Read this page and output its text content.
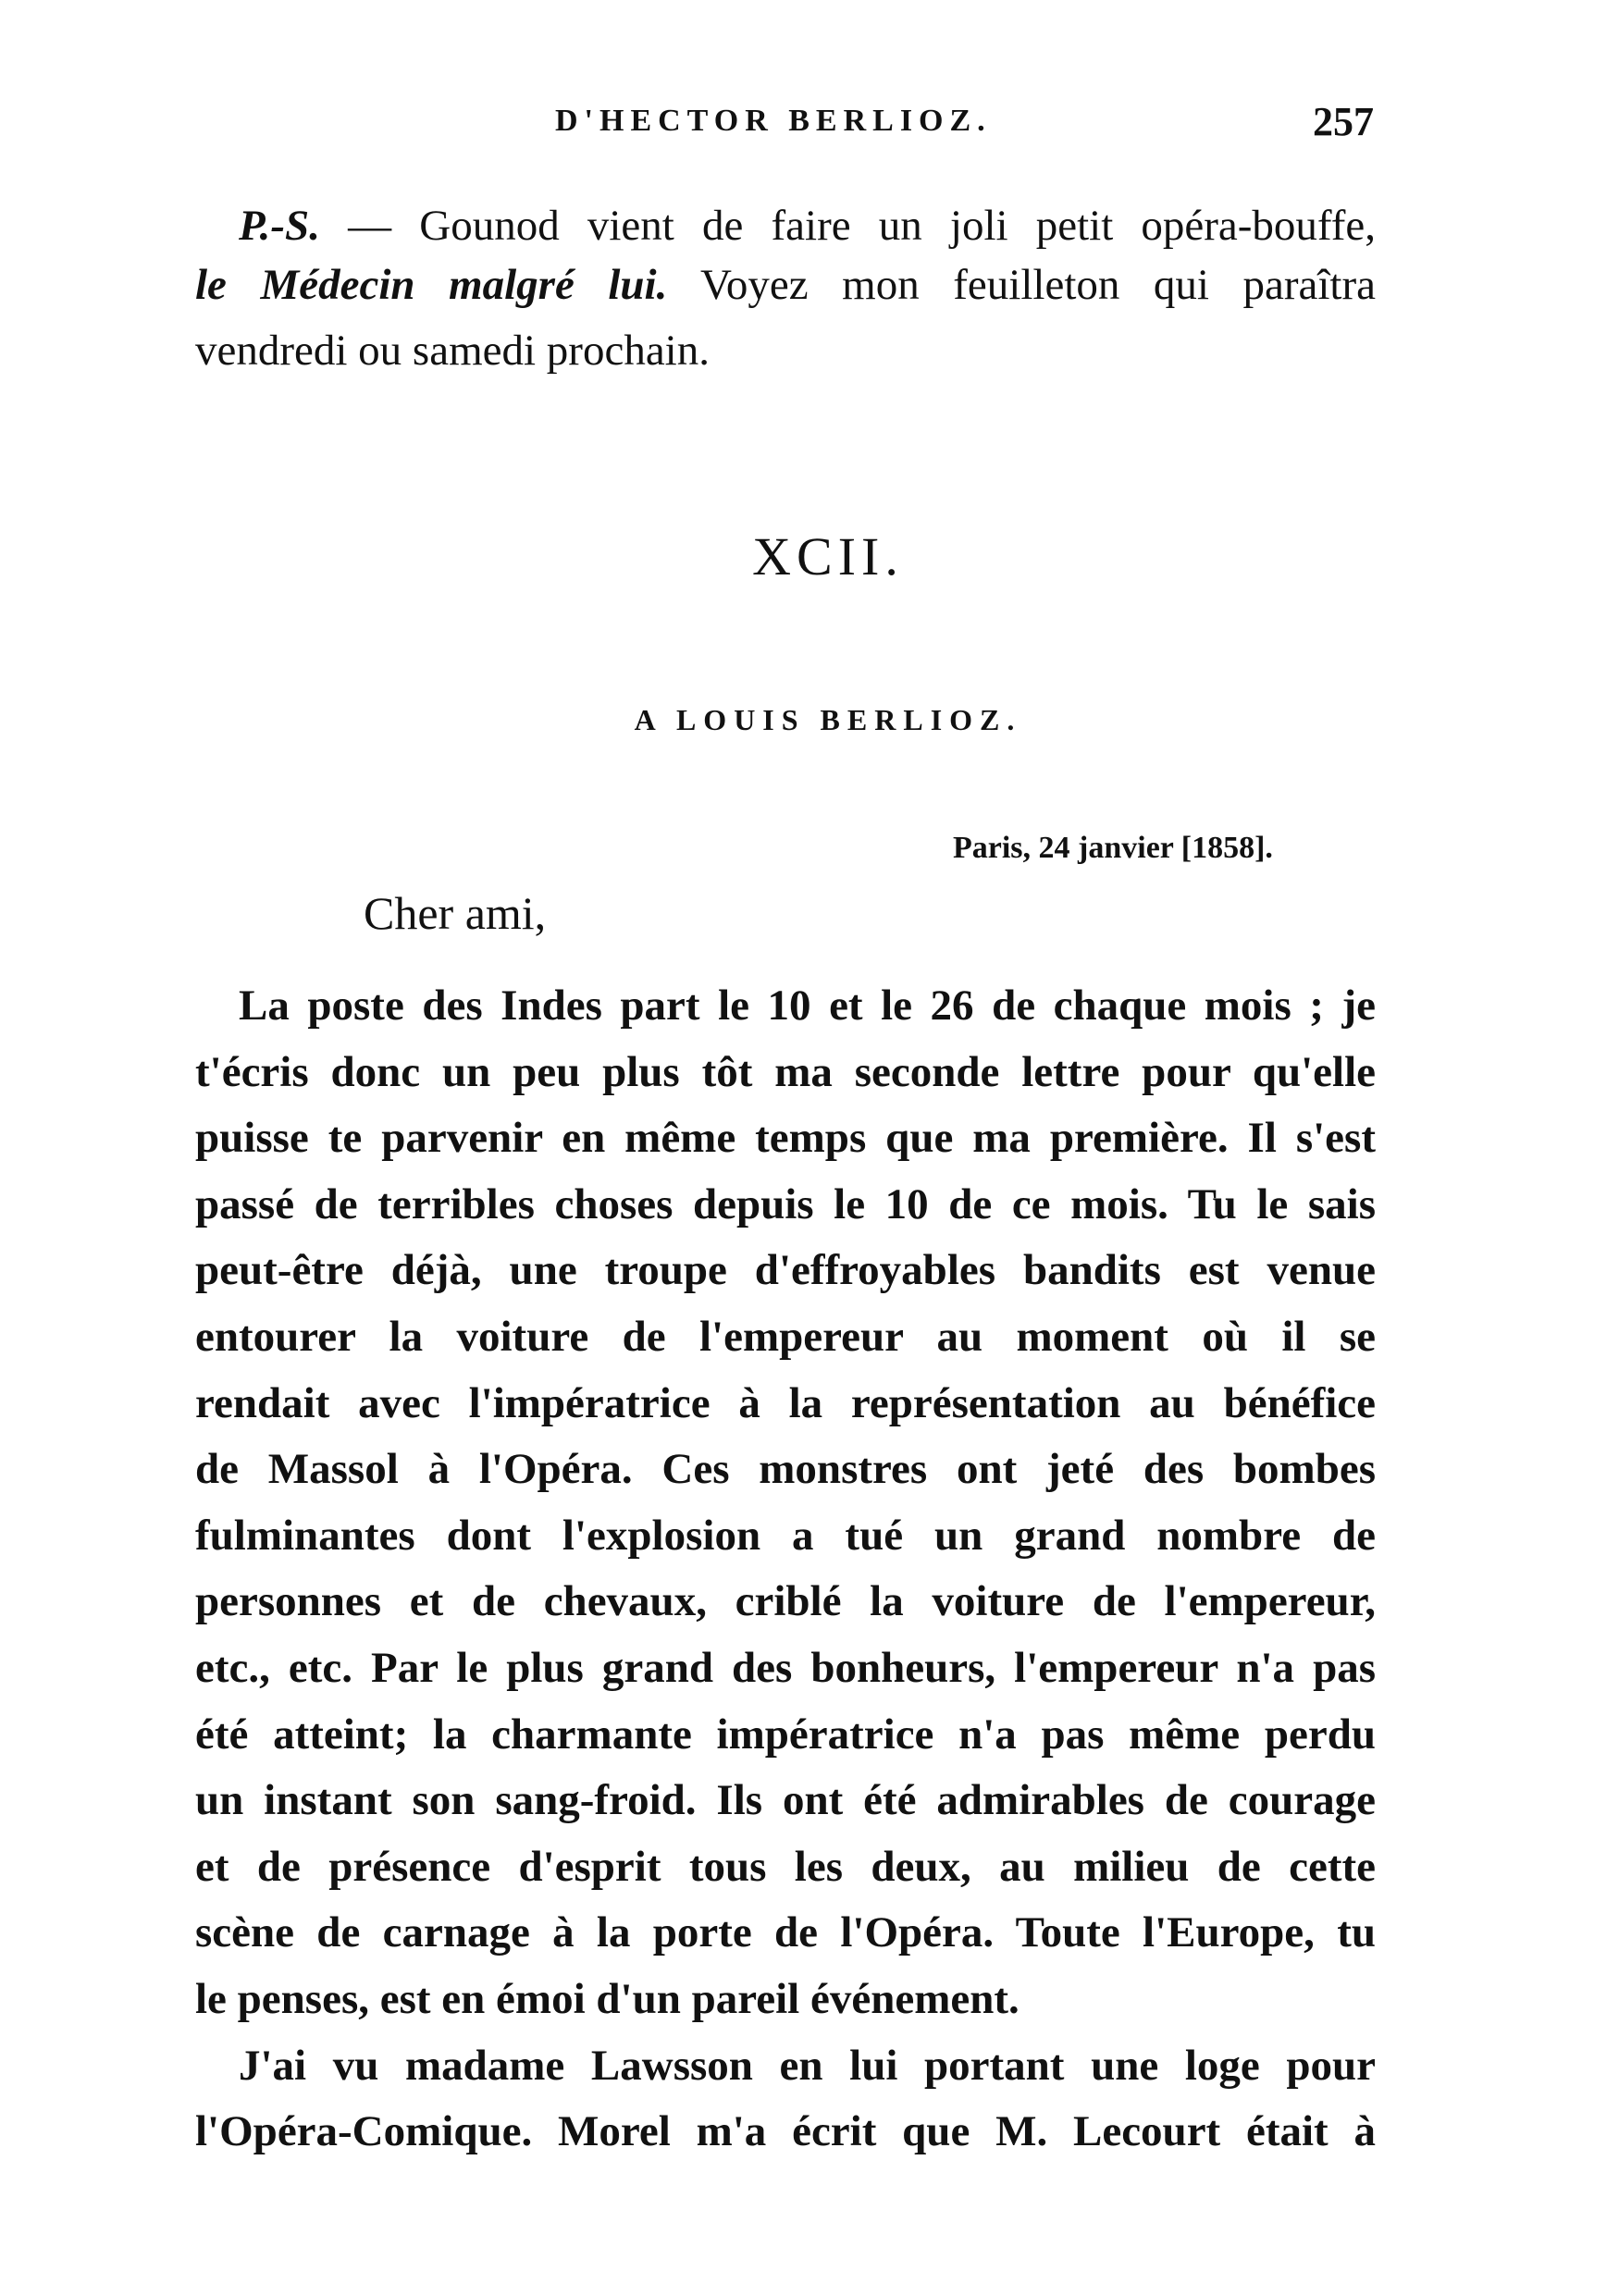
D'HECTOR BERLIOZ.	257
P.-S. — Gounod vient de faire un joli petit opéra-bouffe,
le Médecin malgré lui. Voyez mon feuilleton qui paraîtra
vendredi ou samedi prochain.
XCII.
A LOUIS BERLIOZ.
Paris, 24 janvier [1858].
Cher ami,
La poste des Indes part le 10 et le 26 de chaque mois ; je
t'écris donc un peu plus tôt ma seconde lettre pour qu'elle
puisse te parvenir en même temps que ma première. Il s'est
passé de terribles choses depuis le 10 de ce mois. Tu le sais
peut-être déjà, une troupe d'effroyables bandits est venue
entourer la voiture de l'empereur au moment où il se
rendait avec l'impératrice à la représentation au bénéfice
de Massol à l'Opéra. Ces monstres ont jeté des bombes
fulminantes dont l'explosion a tué un grand nombre de
personnes et de chevaux, criblé la voiture de l'empereur,
etc., etc. Par le plus grand des bonheurs, l'empereur n'a pas
été atteint; la charmante impératrice n'a pas même perdu
un instant son sang-froid. Ils ont été admirables de courage
et de présence d'esprit tous les deux, au milieu de cette
scène de carnage à la porte de l'Opéra. Toute l'Europe, tu
le penses, est en émoi d'un pareil événement.
J'ai vu madame Lawsson en lui portant une loge pour
l'Opéra-Comique. Morel m'a écrit que M. Lecourt était à
